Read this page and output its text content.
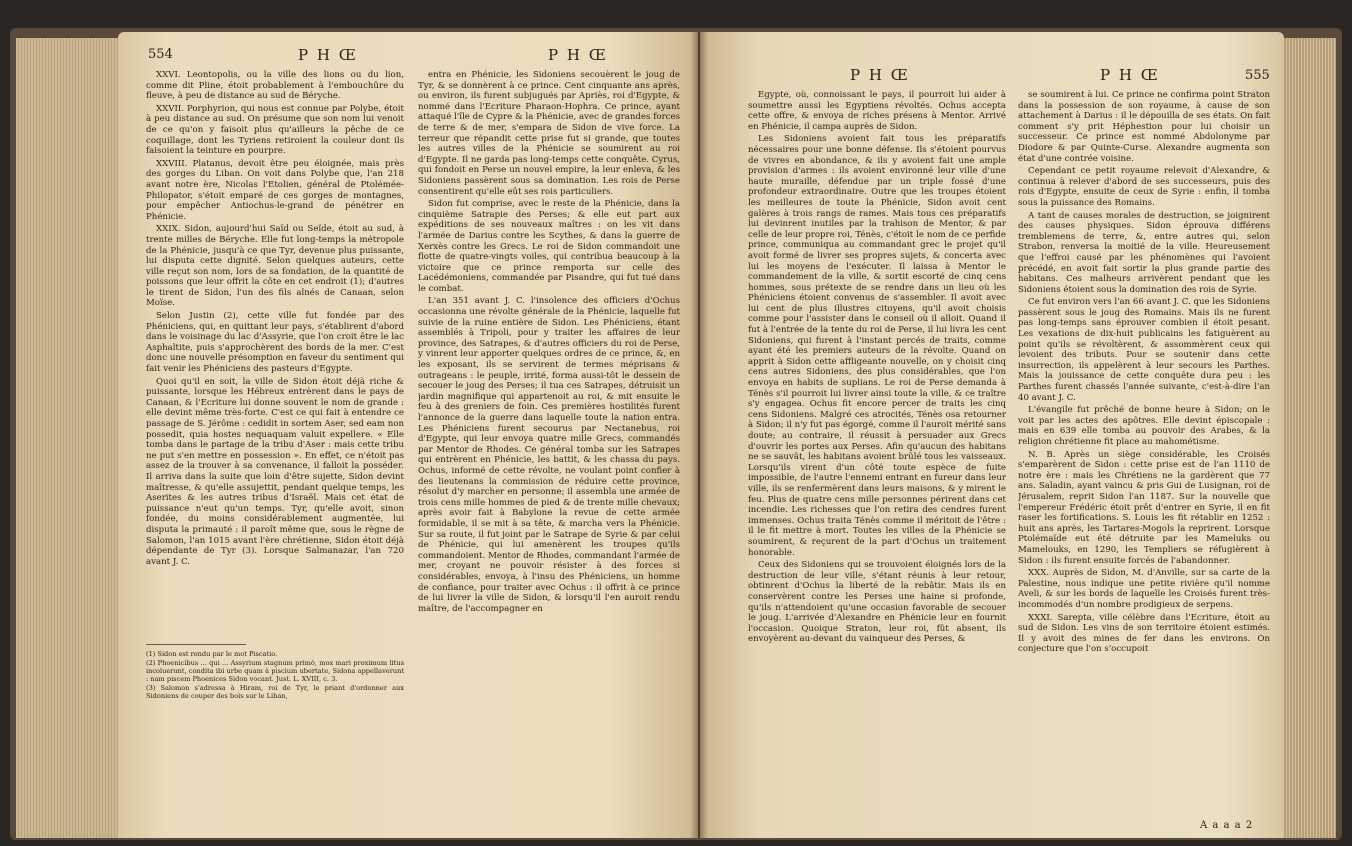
554	P H Œ	P H Œ

XXVI. Leontopolis, ou la ville des lions ou du lion, comme dit Pline, étoit probablement à l'embouchûre du fleuve, à peu de distance au sud de Béryche.

XXVII. Porphyrion, qui nous est connue par Polybe, étoit à peu distance au sud. On présume que son nom lui venoit de ce qu'on y faisoit plus qu'ailleurs la pêche de ce coquillage, dont les Tyriens retiroient la couleur dont ils faisoient la teinture en pourpre.

XXVIII. Platanus, devoit être peu éloignée, mais près des gorges du Liban. On voit dans Polybe que, l'an 218 avant notre ère, Nicolas l'Etolien, général de Ptolémée-Philopator, s'étoit emparé de ces gorges de montagnes, pour empêcher Antiochus-le-grand de pénétrer en Phénicie.

XXIX. Sidon, aujourd'hui Saïd ou Seïde, étoit au sud, à trente milles de Béryche. Elle fut long-temps la métropole de la Phénicie, jusqu'à ce que Tyr, devenue plus puissante, lui disputa cette dignité. Selon quelques auteurs, cette ville reçut son nom, lors de sa fondation, de la quantité de poissons que leur offrit la côte en cet endroit (1); d'autres le tirent de Sidon, l'un des fils aînés de Canaan, selon Moïse.

Selon Justin (2), cette ville fut fondée par des Phéniciens, qui, en quittant leur pays, s'établirent d'abord dans le voisinage du lac d'Assyrie, que l'on croit être le lac Asphaltite, puis s'approchèrent des bords de la mer. C'est donc une nouvelle présomption en faveur du sentiment qui fait venir les Phéniciens des pasteurs d'Egypte.

Quoi qu'il en soit, la ville de Sidon étoit déjà riche & puissante, lorsque les Hébreux entrèrent dans le pays de Canaan, & l'Ecriture lui donne souvent le nom de grande : elle devint même très-forte. C'est ce qui fait à entendre ce passage de S. Jérôme : cedidit in sortem Aser, sed eam non possedit, quia hostes nequaquam valuit expellere. « Elle tomba dans le partage de la tribu d'Aser : mais cette tribu ne put s'en mettre en possession ». En effet, ce n'étoit pas assez de la trouver à sa convenance, il falloit la posséder. Il arriva dans la suite que loin d'être sujette, Sidon devint maîtresse, & qu'elle assujettit, pendant quelque temps, les Aserites & les autres tribus d'Israël. Mais cet état de puissance n'eut qu'un temps. Tyr, qu'elle avoit, sinon fondée, du moins considérablement augmentée, lui disputa la primauté : il paroît même que, sous le règne de Salomon, l'an 1015 avant l'ère chrétienne, Sidon étoit déjà dépendante de Tyr (3). Lorsque Salmanazar, l'an 720 avant J. C.

(1) Sidon est rendu par le mot Piscatio.

(2) Phoenicibus ... qui ... Assyrium stagnum primò, mox mari proximum litus incoluerunt, condita ibi urbe quam à piscium ubertate, Sidona appellaverunt : nam piscem Phoenices Sidon vocant. Just. L. XVIII, c. 3.

(3) Salomon s'adressa à Hiram, roi de Tyr, le priant d'ordonner aux Sidoniens de couper des bois sur le Liban,

entra en Phénicie, les Sidoniens secouèrent le joug de Tyr, & se donnèrent à ce prince. Cent cinquante ans après, ou environ, ils furent subjugués par Apriès, roi d'Egypte, & nommé dans l'Ecriture Pharaon-Hophra. Ce prince, ayant attaqué l'île de Cypre & la Phénicie, avec de grandes forces de terre & de mer, s'empara de Sidon de vive force. La terreur que répandit cette prise fut si grande, que toutes les autres villes de la Phénicie se soumirent au roi d'Egypte. Il ne garda pas long-temps cette conquête. Cyrus, qui fondoit en Perse un nouvel empire, la leur enleva, & les Sidoniens passèrent sous sa domination. Les rois de Perse consentirent qu'elle eût ses rois particuliers.

Sidon fut comprise, avec le reste de la Phénicie, dans la cinquième Satrapie des Perses; & elle eut part aux expéditions de ses nouveaux maîtres : on les vit dans l'armée de Darius contre les Scythes, & dans la guerre de Xerxès contre les Grecs. Le roi de Sidon commandoit une flotte de quatre-vingts voiles, qui contribua beaucoup à la victoire que ce prince remporta sur celle des Lacédémoniens, commandée par Pisandre, qui fut tué dans le combat.

L'an 351 avant J. C. l'insolence des officiers d'Ochus occasionna une révolte générale de la Phénicie, laquelle fut suivie de la ruine entière de Sidon. Les Phéniciens, étant assemblés à Tripoli, pour y traiter les affaires de leur province, des Satrapes, & d'autres officiers du roi de Perse, y vinrent leur apporter quelques ordres de ce prince, &, en les exposant, ils se servirent de termes méprisans & outrageans : le peuple, irrité, forma aussi-tôt le dessein de secouer le joug des Perses; il tua ces Satrapes, détruisit un jardin magnifique qui appartenoit au roi, & mit ensuite le feu à des greniers de foin. Ces premières hostilités furent l'annonce de la guerre dans laquelle toute la nation entra. Les Phéniciens furent secourus par Nectanebus, roi d'Egypte, qui leur envoya quatre mille Grecs, commandés par Mentor de Rhodes. Ce général tomba sur les Satrapes qui entrèrent en Phénicie, les battit, & les chassa du pays. Ochus, informé de cette révolte, ne voulant point confier à des lieutenans la commission de réduire cette province, résolut d'y marcher en personne; il assembla une armée de trois cens mille hommes de pied & de trente mille chevaux; après avoir fait à Babylone la revue de cette armée formidable, il se mit à sa tête, & marcha vers la Phénicie. Sur sa route, il fut joint par le Satrape de Syrie & par celui de Phénicie, qui lui amenèrent les troupes qu'ils commandoient. Mentor de Rhodes, commandant l'armée de mer, croyant ne pouvoir résister à des forces si considérables, envoya, à l'insu des Phéniciens, un homme de confiance, pour traiter avec Ochus : il offrit à ce prince de lui livrer la ville de Sidon, & lorsqu'il l'en auroit rendu maître, de l'accompagner en

P H Œ	P H Œ	555

Egypte, où, connoissant le pays, il pourroit lui aider à soumettre aussi les Egyptiens révoltés. Ochus accepta cette offre, & envoya de riches présens à Mentor. Arrivé en Phénicie, il campa auprès de Sidon.

Les Sidoniens avoient fait tous les préparatifs nécessaires pour une bonne défense. Ils s'étoient pourvus de vivres en abondance, & ils y avoient fait une ample provision d'armes : ils avoient environné leur ville d'une haute muraille, défendue par un triple fossé d'une profondeur extraordinaire. Outre que les troupes étoient les meilleures de toute la Phénicie, Sidon avoit cent galères à trois rangs de rames. Mais tous ces préparatifs lui devinrent inutiles par la trahison de Mentor, & par celle de leur propre roi, Ténès, c'étoit le nom de ce perfide prince, communiqua au commandant grec le projet qu'il avoit formé de livrer ses propres sujets, & concerta avec lui les moyens de l'exécuter. Il laissa à Mentor le commandement de la ville, & sortit escorté de cinq cens hommes, sous prétexte de se rendre dans un lieu où les Phéniciens étoient convenus de s'assembler. Il avoit avec lui cent de plus illustres citoyens, qu'il avoit choisis comme pour l'assister dans le conseil où il alloit. Quand il fut à l'entrée de la tente du roi de Perse, il lui livra les cent Sidoniens, qui furent à l'instant percés de traits, comme ayant été les premiers auteurs de la révolte. Quand on apprit à Sidon cette affligeante nouvelle, on y choisit cinq cens autres Sidoniens, des plus considérables, que l'on envoya en habits de suplians. Le roi de Perse demanda à Ténès s'il pourroit lui livrer ainsi toute la ville, & ce traître s'y engagea. Ochus fit encore percer de traits les cinq cens Sidoniens. Malgré ces atrocités, Ténès osa retourner à Sidon; il n'y fut pas égorgé, comme il l'auroit mérité sans doute; au contraire, il réussit à persuader aux Grecs d'ouvrir les portes aux Perses. Afin qu'aucun des habitans ne se sauvât, les habitans avoient brûlé tous les vaisseaux. Lorsqu'ils virent d'un côté toute espèce de fuite impossible, de l'autre l'ennemi entrant en fureur dans leur ville, ils se renfermèrent dans leurs maisons, & y mirent le feu. Plus de quatre cens mille personnes périrent dans cet incendie. Les richesses que l'on retira des cendres furent immenses. Ochus traita Ténès comme il méritoit de l'être : il le fit mettre à mort. Toutes les villes de la Phénicie se soumirent, & reçurent de la part d'Ochus un traitement honorable.

Ceux des Sidoniens qui se trouvoient éloignés lors de la destruction de leur ville, s'étant réunis à leur retour, obtinrent d'Ochus la liberté de la rebâtir. Mais ils en conservèrent contre les Perses une haine si profonde, qu'ils n'attendoient qu'une occasion favorable de secouer le joug. L'arrivée d'Alexandre en Phénicie leur en fournit l'occasion. Quoique Straton, leur roi, fût absent, ils envoyèrent au-devant du vainqueur des Perses, &

se soumirent à lui. Ce prince ne confirma point Straton dans la possession de son royaume, à cause de son attachement à Darius : il le dépouilla de ses états. On fait comment s'y prit Héphestion pour lui choisir un successeur. Ce prince est nommé Abdolonyme par Diodore & par Quinte-Curse. Alexandre augmenta son état d'une contrée voisine.

Cependant ce petit royaume relevoit d'Alexandre, & continua à relever d'abord de ses successeurs, puis des rois d'Egypte, ensuite de ceux de Syrie : enfin, il tomba sous la puissance des Romains.

A tant de causes morales de destruction, se joignirent des causes physiques. Sidon éprouva différens tremblemens de terre, &, entre autres qui, selon Strabon, renversa la moitié de la ville. Heureusement que l'effroi causé par les phénomènes qui l'avoient précédé, en avoit fait sortir la plus grande partie des habitans. Ces malheurs arrivèrent pendant que les Sidoniens étoient sous la domination des rois de Syrie.

Ce fut environ vers l'an 66 avant J. C. que les Sidoniens passèrent sous le joug des Romains. Mais ils ne furent pas long-temps sans éprouver combien il étoit pesant. Les vexations de dix-huit publicains les fatiguèrent au point qu'ils se révoltèrent, & assommèrent ceux qui levoient des tributs. Pour se soutenir dans cette insurrection, ils appelèrent à leur secours les Parthes. Mais la jouissance de cette conquête dura peu : les Parthes furent chassés l'année suivante, c'est-à-dire l'an 40 avant J. C.

L'évangile fut prêché de bonne heure à Sidon; on le voit par les actes des apôtres. Elle devint épiscopale : mais en 639 elle tomba au pouvoir des Arabes, & la religion chrétienne fit place au mahométisme.

N. B. Après un siège considérable, les Croisés s'emparèrent de Sidon : cette prise est de l'an 1110 de notre ère : mais les Chrétiens ne la gardèrent que 77 ans. Saladin, ayant vaincu & pris Gui de Lusignan, roi de Jérusalem, reprit Sidon l'an 1187. Sur la nouvelle que l'empereur Frédéric étoit prêt d'entrer en Syrie, il en fit raser les fortifications. S. Louis les fit rétablir en 1252 : huit ans après, les Tartares-Mogols la reprirent. Lorsque Ptolémaïde eut été détruite par les Mameluks ou Mamelouks, en 1290, les Templiers se réfugièrent à Sidon : ils furent ensuite forcés de l'abandonner.

XXX. Auprès de Sidon, M. d'Anville, sur sa carte de la Palestine, nous indique une petite rivière qu'il nomme Aveli, & sur les bords de laquelle les Croisés furent très-incommodés d'un nombre prodigieux de serpens.

XXXI. Sarepta, ville célèbre dans l'Ecriture, étoit au sud de Sidon. Les vins de son territoire étoient estimés. Il y avoit des mines de fer dans les environs. On conjecture que l'on s'occupoit

A a a a 2
